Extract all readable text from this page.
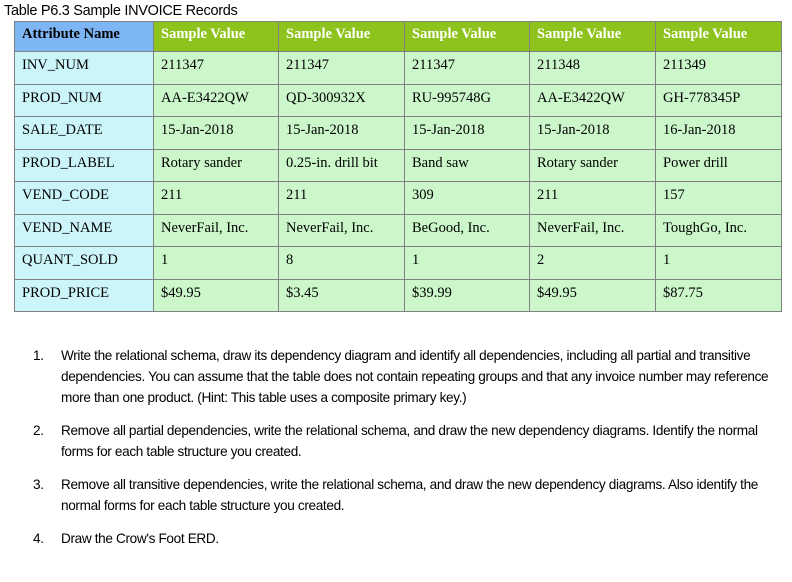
Table P6.3 Sample INVOICE Records
Attribute Name	Sample Value	Sample Value	Sample Value	Sample Value	Sample Value
INV_NUM	211347	211347	211347	211348	211349
PROD_NUM	AA-E3422QW	QD-300932X	RU-995748G	AA-E3422QW	GH-778345P
SALE_DATE	15-Jan-2018	15-Jan-2018	15-Jan-2018	15-Jan-2018	16-Jan-2018
PROD_LABEL	Rotary sander	0.25-in. drill bit	Band saw	Rotary sander	Power drill
VEND_CODE	211	211	309	211	157
VEND_NAME	NeverFail, Inc.	NeverFail, Inc.	BeGood, Inc.	NeverFail, Inc.	ToughGo, Inc.
QUANT_SOLD	1	8	1	2	1
PROD_PRICE	$49.95	$3.45	$39.99	$49.95	$87.75
1. Write the relational schema, draw its dependency diagram and identify all dependencies, including all partial and transitive dependencies. You can assume that the table does not contain repeating groups and that any invoice number may reference more than one product. (Hint: This table uses a composite primary key.)
2. Remove all partial dependencies, write the relational schema, and draw the new dependency diagrams. Identify the normal forms for each table structure you created.
3. Remove all transitive dependencies, write the relational schema, and draw the new dependency diagrams. Also identify the normal forms for each table structure you created.
4. Draw the Crow's Foot ERD.
